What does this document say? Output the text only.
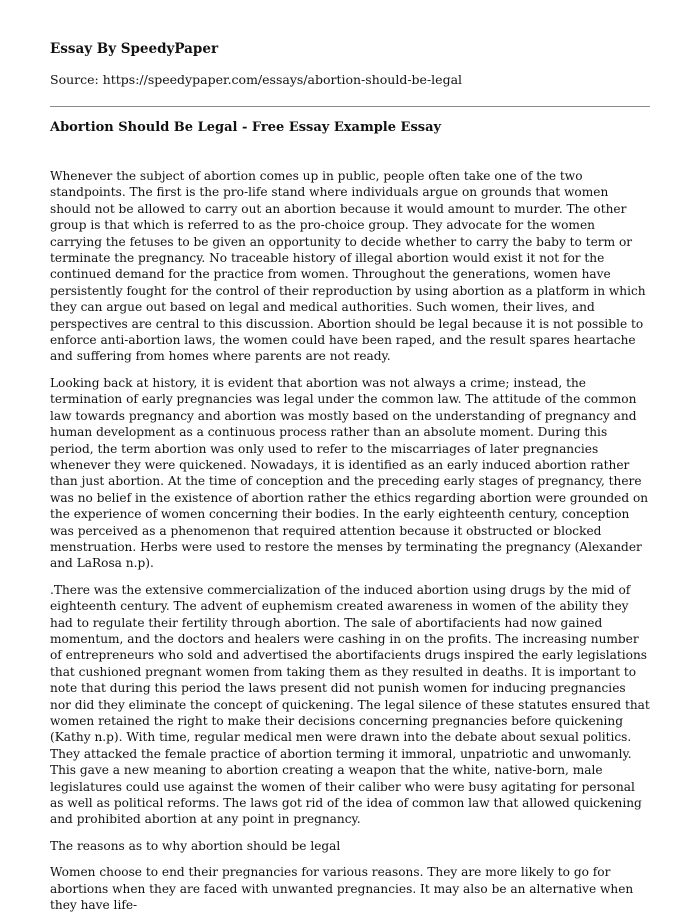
Essay By SpeedyPaper
Source: https://speedypaper.com/essays/abortion-should-be-legal
Abortion Should Be Legal - Free Essay Example Essay

Whenever the subject of abortion comes up in public, people often take one of the two standpoints. The first is the pro-life stand where individuals argue on grounds that women should not be allowed to carry out an abortion because it would amount to murder. The other group is that which is referred to as the pro-choice group. They advocate for the women carrying the fetuses to be given an opportunity to decide whether to carry the baby to term or terminate the pregnancy. No traceable history of illegal abortion would exist it not for the continued demand for the practice from women. Throughout the generations, women have persistently fought for the control of their reproduction by using abortion as a platform in which they can argue out based on legal and medical authorities. Such women, their lives, and perspectives are central to this discussion. Abortion should be legal because it is not possible to enforce anti-abortion laws, the women could have been raped, and the result spares heartache and suffering from homes where parents are not ready.

Looking back at history, it is evident that abortion was not always a crime; instead, the termination of early pregnancies was legal under the common law. The attitude of the common law towards pregnancy and abortion was mostly based on the understanding of pregnancy and human development as a continuous process rather than an absolute moment. During this period, the term abortion was only used to refer to the miscarriages of later pregnancies whenever they were quickened. Nowadays, it is identified as an early induced abortion rather than just abortion. At the time of conception and the preceding early stages of pregnancy, there was no belief in the existence of abortion rather the ethics regarding abortion were grounded on the experience of women concerning their bodies. In the early eighteenth century, conception was perceived as a phenomenon that required attention because it obstructed or blocked menstruation. Herbs were used to restore the menses by terminating the pregnancy (Alexander and LaRosa n.p).

.There was the extensive commercialization of the induced abortion using drugs by the mid of eighteenth century. The advent of euphemism created awareness in women of the ability they had to regulate their fertility through abortion. The sale of abortifacients had now gained momentum, and the doctors and healers were cashing in on the profits. The increasing number of entrepreneurs who sold and advertised the abortifacients drugs inspired the early legislations that cushioned pregnant women from taking them as they resulted in deaths. It is important to note that during this period the laws present did not punish women for inducing pregnancies nor did they eliminate the concept of quickening. The legal silence of these statutes ensured that women retained the right to make their decisions concerning pregnancies before quickening (Kathy n.p). With time, regular medical men were drawn into the debate about sexual politics. They attacked the female practice of abortion terming it immoral, unpatriotic and unwomanly. This gave a new meaning to abortion creating a weapon that the white, native-born, male legislatures could use against the women of their caliber who were busy agitating for personal as well as political reforms. The laws got rid of the idea of common law that allowed quickening and prohibited abortion at any point in pregnancy.

The reasons as to why abortion should be legal

Women choose to end their pregnancies for various reasons. They are more likely to go for abortions when they are faced with unwanted pregnancies. It may also be an alternative when they have life-
